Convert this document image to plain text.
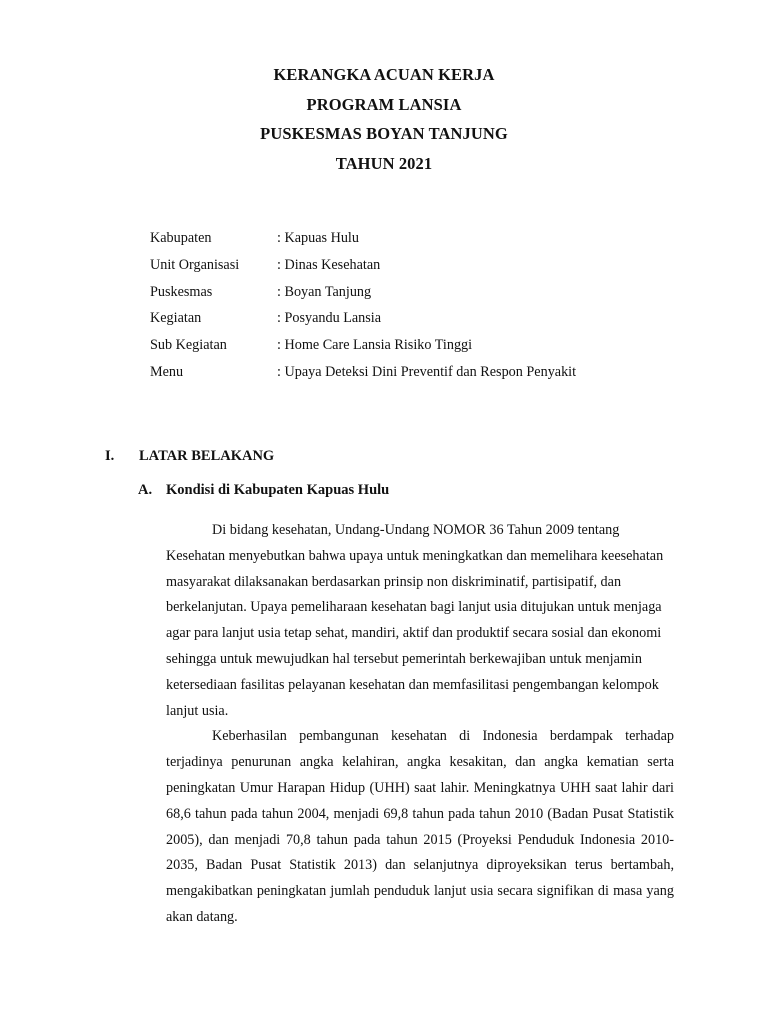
KERANGKA ACUAN KERJA
PROGRAM LANSIA
PUSKESMAS BOYAN TANJUNG
TAHUN 2021
Kabupaten	: Kapuas Hulu
Unit Organisasi	: Dinas Kesehatan
Puskesmas	: Boyan Tanjung
Kegiatan	: Posyandu Lansia
Sub Kegiatan	: Home Care Lansia Risiko Tinggi
Menu	: Upaya Deteksi Dini Preventif dan Respon Penyakit
I. LATAR BELAKANG
A. Kondisi di Kabupaten Kapuas Hulu

Di bidang kesehatan, Undang-Undang NOMOR 36 Tahun 2009 tentang Kesehatan menyebutkan bahwa upaya untuk meningkatkan dan memelihara keesehatan masyarakat dilaksanakan berdasarkan prinsip non diskriminatif, partisipatif, dan berkelanjutan. Upaya pemeliharaan kesehatan bagi lanjut usia ditujukan untuk menjaga agar para lanjut usia tetap sehat, mandiri, aktif dan produktif secara sosial dan ekonomi sehingga untuk mewujudkan hal tersebut pemerintah berkewajiban untuk menjamin ketersediaan fasilitas pelayanan kesehatan dan memfasilitasi pengembangan kelompok lanjut usia.

Keberhasilan pembangunan kesehatan di Indonesia berdampak terhadap terjadinya penurunan angka kelahiran, angka kesakitan, dan angka kematian serta peningkatan Umur Harapan Hidup (UHH) saat lahir. Meningkatnya UHH saat lahir dari 68,6 tahun pada tahun 2004, menjadi 69,8 tahun pada tahun 2010 (Badan Pusat Statistik 2005), dan menjadi 70,8 tahun pada tahun 2015 (Proyeksi Penduduk Indonesia 2010-2035, Badan Pusat Statistik 2013) dan selanjutnya diproyeksikan terus bertambah, mengakibatkan peningkatan jumlah penduduk lanjut usia secara signifikan di masa yang akan datang.
